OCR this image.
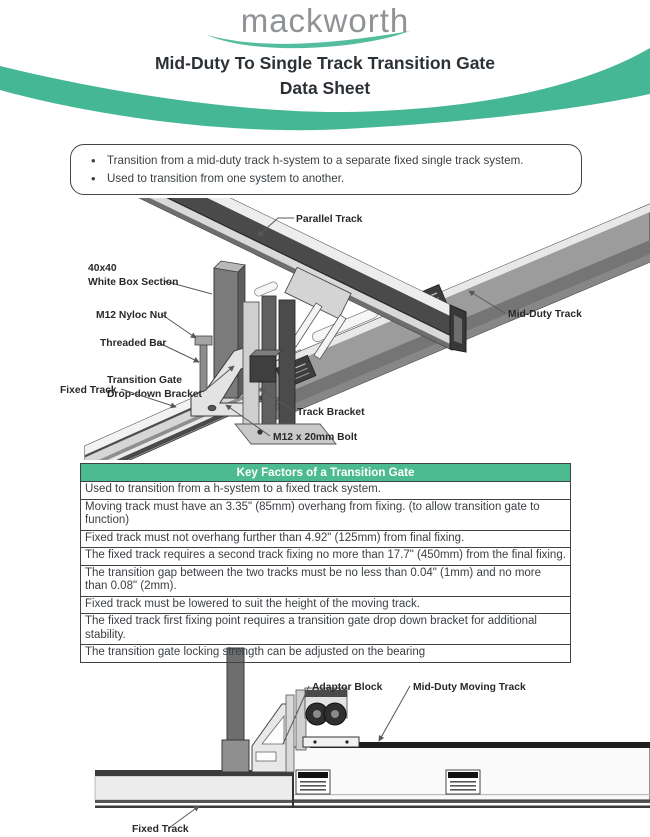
mackworth
Mid-Duty To Single Track Transition Gate
Data Sheet
• Transition from a mid-duty track h-system to a separate fixed single track system.
• Used to transition from one system to another.
Parallel Track
40x40
White Box Section
M12 Nyloc Nut
Threaded Bar
Transition Gate
Drop-down Bracket
Fixed Track
Track Bracket
M12 x 20mm Bolt
Mid-Duty Track
Key Factors of a Transition Gate
Used to transition from a h-system to a fixed track system.
Moving track must have an 3.35" (85mm) overhang from fixing. (to allow transition gate to function)
Fixed track must not overhang further than 4.92" (125mm) from final fixing.
The fixed track requires a second track fixing no more than 17.7" (450mm) from the final fixing.
The transition gap between the two tracks must be no less than 0.04" (1mm) and no more than 0.08" (2mm).
Fixed track must be lowered to suit the height of the moving track.
The fixed track first fixing point requires a transition gate drop down bracket for additional stability.
The transition gate locking strength can be adjusted on the bearing
Adaptor Block	Mid-Duty Moving Track
Fixed Track
